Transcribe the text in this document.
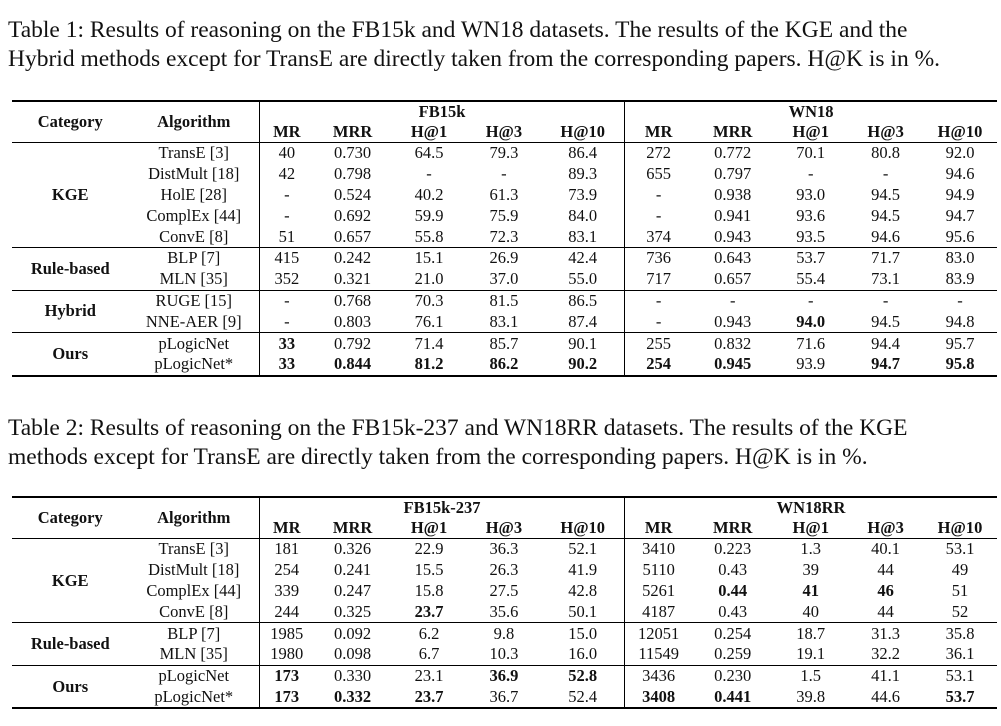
Table 1: Results of reasoning on the FB15k and WN18 datasets. The results of the KGE and the
Hybrid methods except for TransE are directly taken from the corresponding papers. H@K is in %.
Category	Algorithm	FB15k					WN18				
		MR	MRR	H@1	H@3	H@10	MR	MRR	H@1	H@3	H@10
KGE	TransE [3]	40	0.730	64.5	79.3	86.4	272	0.772	70.1	80.8	92.0
	DistMult [18]	42	0.798	-	-	89.3	655	0.797	-	-	94.6
	HolE [28]	-	0.524	40.2	61.3	73.9	-	0.938	93.0	94.5	94.9
	ComplEx [44]	-	0.692	59.9	75.9	84.0	-	0.941	93.6	94.5	94.7
	ConvE [8]	51	0.657	55.8	72.3	83.1	374	0.943	93.5	94.6	95.6
Rule-based	BLP [7]	415	0.242	15.1	26.9	42.4	736	0.643	53.7	71.7	83.0
	MLN [35]	352	0.321	21.0	37.0	55.0	717	0.657	55.4	73.1	83.9
Hybrid	RUGE [15]	-	0.768	70.3	81.5	86.5	-	-	-	-	-
	NNE-AER [9]	-	0.803	76.1	83.1	87.4	-	0.943	94.0	94.5	94.8
Ours	pLogicNet	33	0.792	71.4	85.7	90.1	255	0.832	71.6	94.4	95.7
	pLogicNet*	33	0.844	81.2	86.2	90.2	254	0.945	93.9	94.7	95.8
Table 2: Results of reasoning on the FB15k-237 and WN18RR datasets. The results of the KGE
methods except for TransE are directly taken from the corresponding papers. H@K is in %.
Category	Algorithm	FB15k-237					WN18RR				
		MR	MRR	H@1	H@3	H@10	MR	MRR	H@1	H@3	H@10
KGE	TransE [3]	181	0.326	22.9	36.3	52.1	3410	0.223	1.3	40.1	53.1
	DistMult [18]	254	0.241	15.5	26.3	41.9	5110	0.43	39	44	49
	ComplEx [44]	339	0.247	15.8	27.5	42.8	5261	0.44	41	46	51
	ConvE [8]	244	0.325	23.7	35.6	50.1	4187	0.43	40	44	52
Rule-based	BLP [7]	1985	0.092	6.2	9.8	15.0	12051	0.254	18.7	31.3	35.8
	MLN [35]	1980	0.098	6.7	10.3	16.0	11549	0.259	19.1	32.2	36.1
Ours	pLogicNet	173	0.330	23.1	36.9	52.8	3436	0.230	1.5	41.1	53.1
	pLogicNet*	173	0.332	23.7	36.7	52.4	3408	0.441	39.8	44.6	53.7
